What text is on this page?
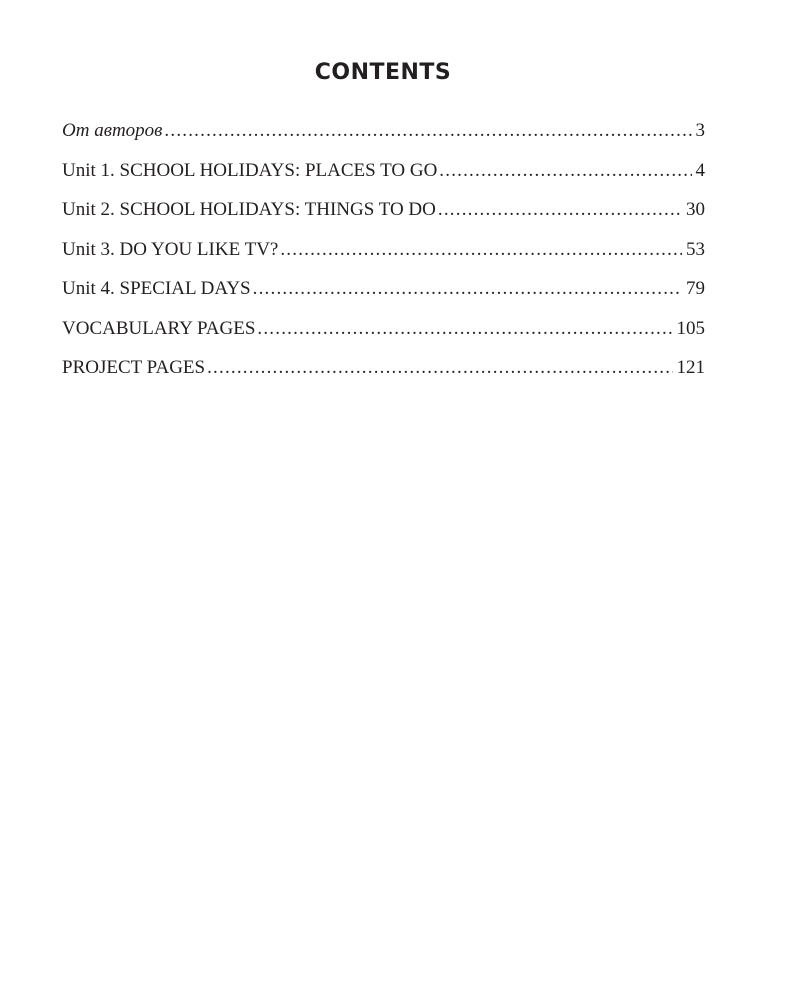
CONTENTS
От авторов .....	3
Unit 1. SCHOOL HOLIDAYS: PLACES TO GO .....	4
Unit 2. SCHOOL HOLIDAYS: THINGS TO DO .....	30
Unit 3. DO YOU LIKE TV? .....	53
Unit 4. SPECIAL DAYS .....	79
VOCABULARY PAGES .....	105
PROJECT PAGES .....	121
